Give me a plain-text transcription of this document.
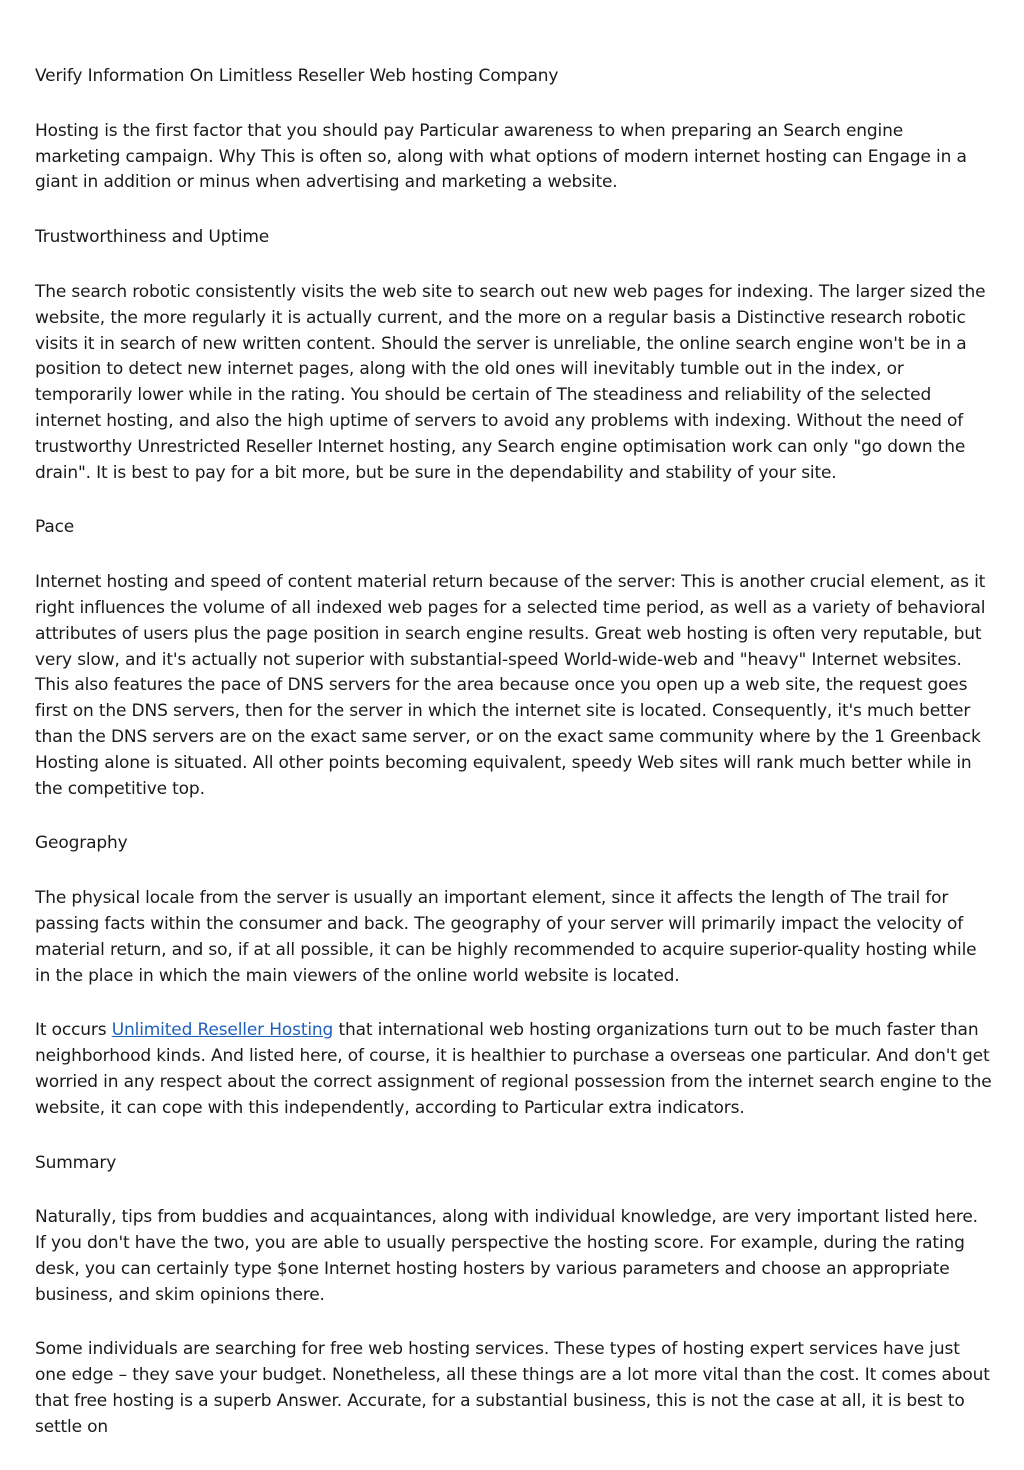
Verify Information On Limitless Reseller Web hosting Company

Hosting is the first factor that you should pay Particular awareness to when preparing an Search engine marketing campaign. Why This is often so, along with what options of modern internet hosting can Engage in a giant in addition or minus when advertising and marketing a website.

Trustworthiness and Uptime

The search robotic consistently visits the web site to search out new web pages for indexing. The larger sized the website, the more regularly it is actually current, and the more on a regular basis a Distinctive research robotic visits it in search of new written content. Should the server is unreliable, the online search engine won't be in a position to detect new internet pages, along with the old ones will inevitably tumble out in the index, or temporarily lower while in the rating. You should be certain of The steadiness and reliability of the selected internet hosting, and also the high uptime of servers to avoid any problems with indexing. Without the need of trustworthy Unrestricted Reseller Internet hosting, any Search engine optimisation work can only "go down the drain". It is best to pay for a bit more, but be sure in the dependability and stability of your site.

Pace

Internet hosting and speed of content material return because of the server: This is another crucial element, as it right influences the volume of all indexed web pages for a selected time period, as well as a variety of behavioral attributes of users plus the page position in search engine results. Great web hosting is often very reputable, but very slow, and it's actually not superior with substantial-speed World-wide-web and "heavy" Internet websites. This also features the pace of DNS servers for the area because once you open up a web site, the request goes first on the DNS servers, then for the server in which the internet site is located. Consequently, it's much better than the DNS servers are on the exact same server, or on the exact same community where by the 1 Greenback Hosting alone is situated. All other points becoming equivalent, speedy Web sites will rank much better while in the competitive top.

Geography

The physical locale from the server is usually an important element, since it affects the length of The trail for passing facts within the consumer and back. The geography of your server will primarily impact the velocity of material return, and so, if at all possible, it can be highly recommended to acquire superior-quality hosting while in the place in which the main viewers of the online world website is located.

It occurs Unlimited Reseller Hosting that international web hosting organizations turn out to be much faster than neighborhood kinds. And listed here, of course, it is healthier to purchase a overseas one particular. And don't get worried in any respect about the correct assignment of regional possession from the internet search engine to the website, it can cope with this independently, according to Particular extra indicators.

Summary

Naturally, tips from buddies and acquaintances, along with individual knowledge, are very important listed here. If you don't have the two, you are able to usually perspective the hosting score. For example, during the rating desk, you can certainly type $one Internet hosting hosters by various parameters and choose an appropriate business, and skim opinions there.

Some individuals are searching for free web hosting services. These types of hosting expert services have just one edge – they save your budget. Nonetheless, all these things are a lot more vital than the cost. It comes about that free hosting is a superb Answer. Accurate, for a substantial business, this is not the case at all, it is best to settle on
